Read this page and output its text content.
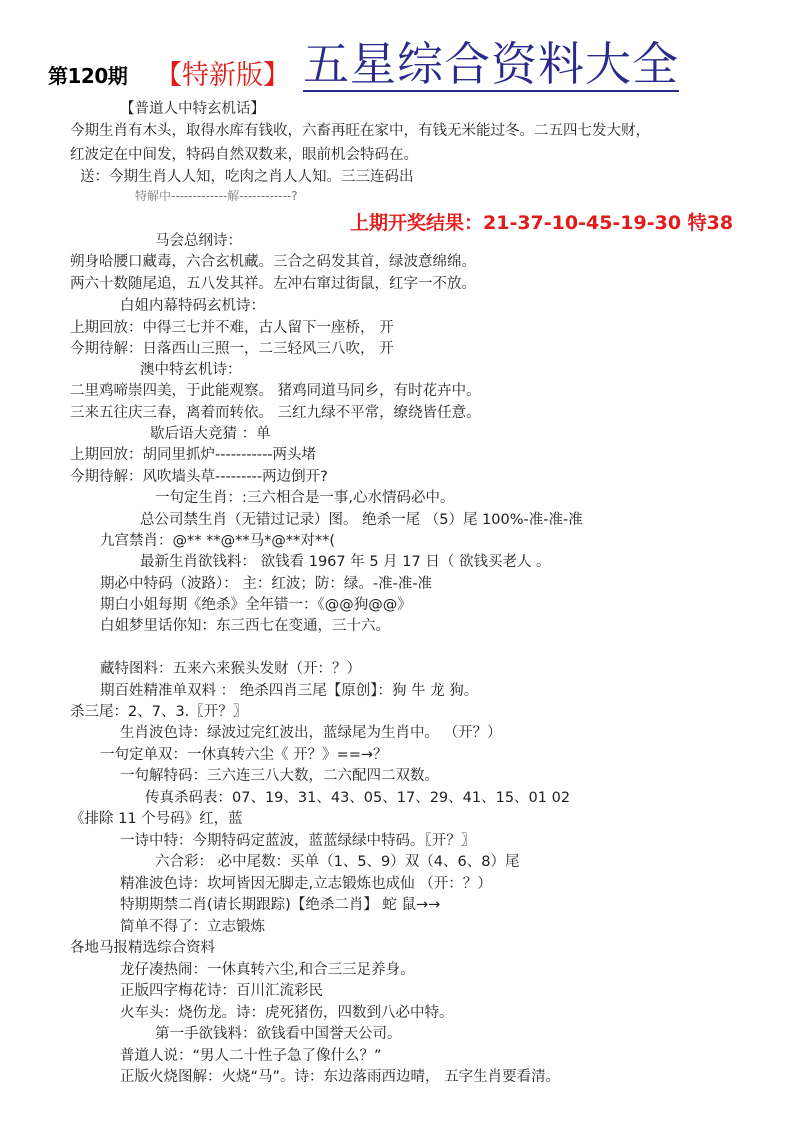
第120期 【特新版】 五星综合资料大全
【普道人中特玄机话】
今期生肖有木头，取得水库有钱收，六畜再旺在家中，有钱无米能过冬。二五四七发大财，
红波定在中间发，特码自然双数来，眼前机会特码在。
送：今期生肖人人知，吃肉之肖人人知。三三连码出
特解中-------------解------------?
马会总纲诗：
朔身哈腰口藏毒，六合玄机藏。三合之码发其首，绿波意绵绵。
两六十数随尾追，五八发其祥。左冲右窜过街鼠，红字一不放。
白姐内幕特码玄机诗：
上期回放：中得三七并不难，古人留下一座桥， 开
今期待解：日落西山三照一，二三轻风三八吹， 开
澳中特玄机诗：
二里鸡啼崇四美，于此能观察。 猪鸡同道马同乡，有时花卉中。
三来五往庆三春，离着而转依。 三红九绿不平常，缭绕皆任意。
歇后语大竞猜 ：单
上期回放：胡同里抓炉-----------两头堵
今期待解：风吹墙头草---------两边倒开?
一句定生肖：:三六相合是一事,心水情码必中。
总公司禁生肖（无错过记录）图。 绝杀一尾 （5）尾 100%-准-准-准
九宫禁肖：@** **@**马*@**对**(
最新生肖欲钱料： 欲钱看 1967 年 5 月 17 日（ 欲钱买老人 。
期必中特码（波路）： 主：红波；防：绿。-准-准-准
期白小姐每期《绝杀》全年错一：《@@狗@@》
白姐梦里话你知：东三西七在变通，三十六。
藏特图料：五来六来猴头发财（开：？）
期百姓精准单双料 ： 绝杀四肖三尾【原创】：狗 牛 龙 狗。
杀三尾：2、7、3.〖开？〗
生肖波色诗：绿波过完红波出，蓝绿尾为生肖中。 （开？）
一句定单双：一休真转六尘《 开？》==→？
一句解特码：三六连三八大数，二六配四二双数。
传真杀码表：07、19、31、43、05、17、29、41、15、01 02
《排除 11 个号码》红，蓝
一诗中特：今期特码定蓝波，蓝蓝绿绿中特码。〖开？〗
六合彩： 必中尾数：买单（1、5、9）双（4、6、8）尾
精准波色诗：坎坷皆因无脚走,立志锻炼也成仙 （开：？）
特期期禁二肖(请长期跟踪)【绝杀二肖】 蛇 鼠→→
简单不得了：立志锻炼
各地马报精选综合资料
龙仔凑热闹：一休真转六尘,和合三三足养身。
正版四字梅花诗：百川汇流彩民
火车头：烧伤龙。诗：虎死猪伤，四数到八必中特。
第一手欲钱料：欲钱看中国誉天公司。
普道人说：“男人二十性子急了像什么？”
正版火烧图解：火烧“马”。诗：东边落雨西边晴， 五字生肖要看清。
上期开奖结果：21-37-10-45-19-30 特38
